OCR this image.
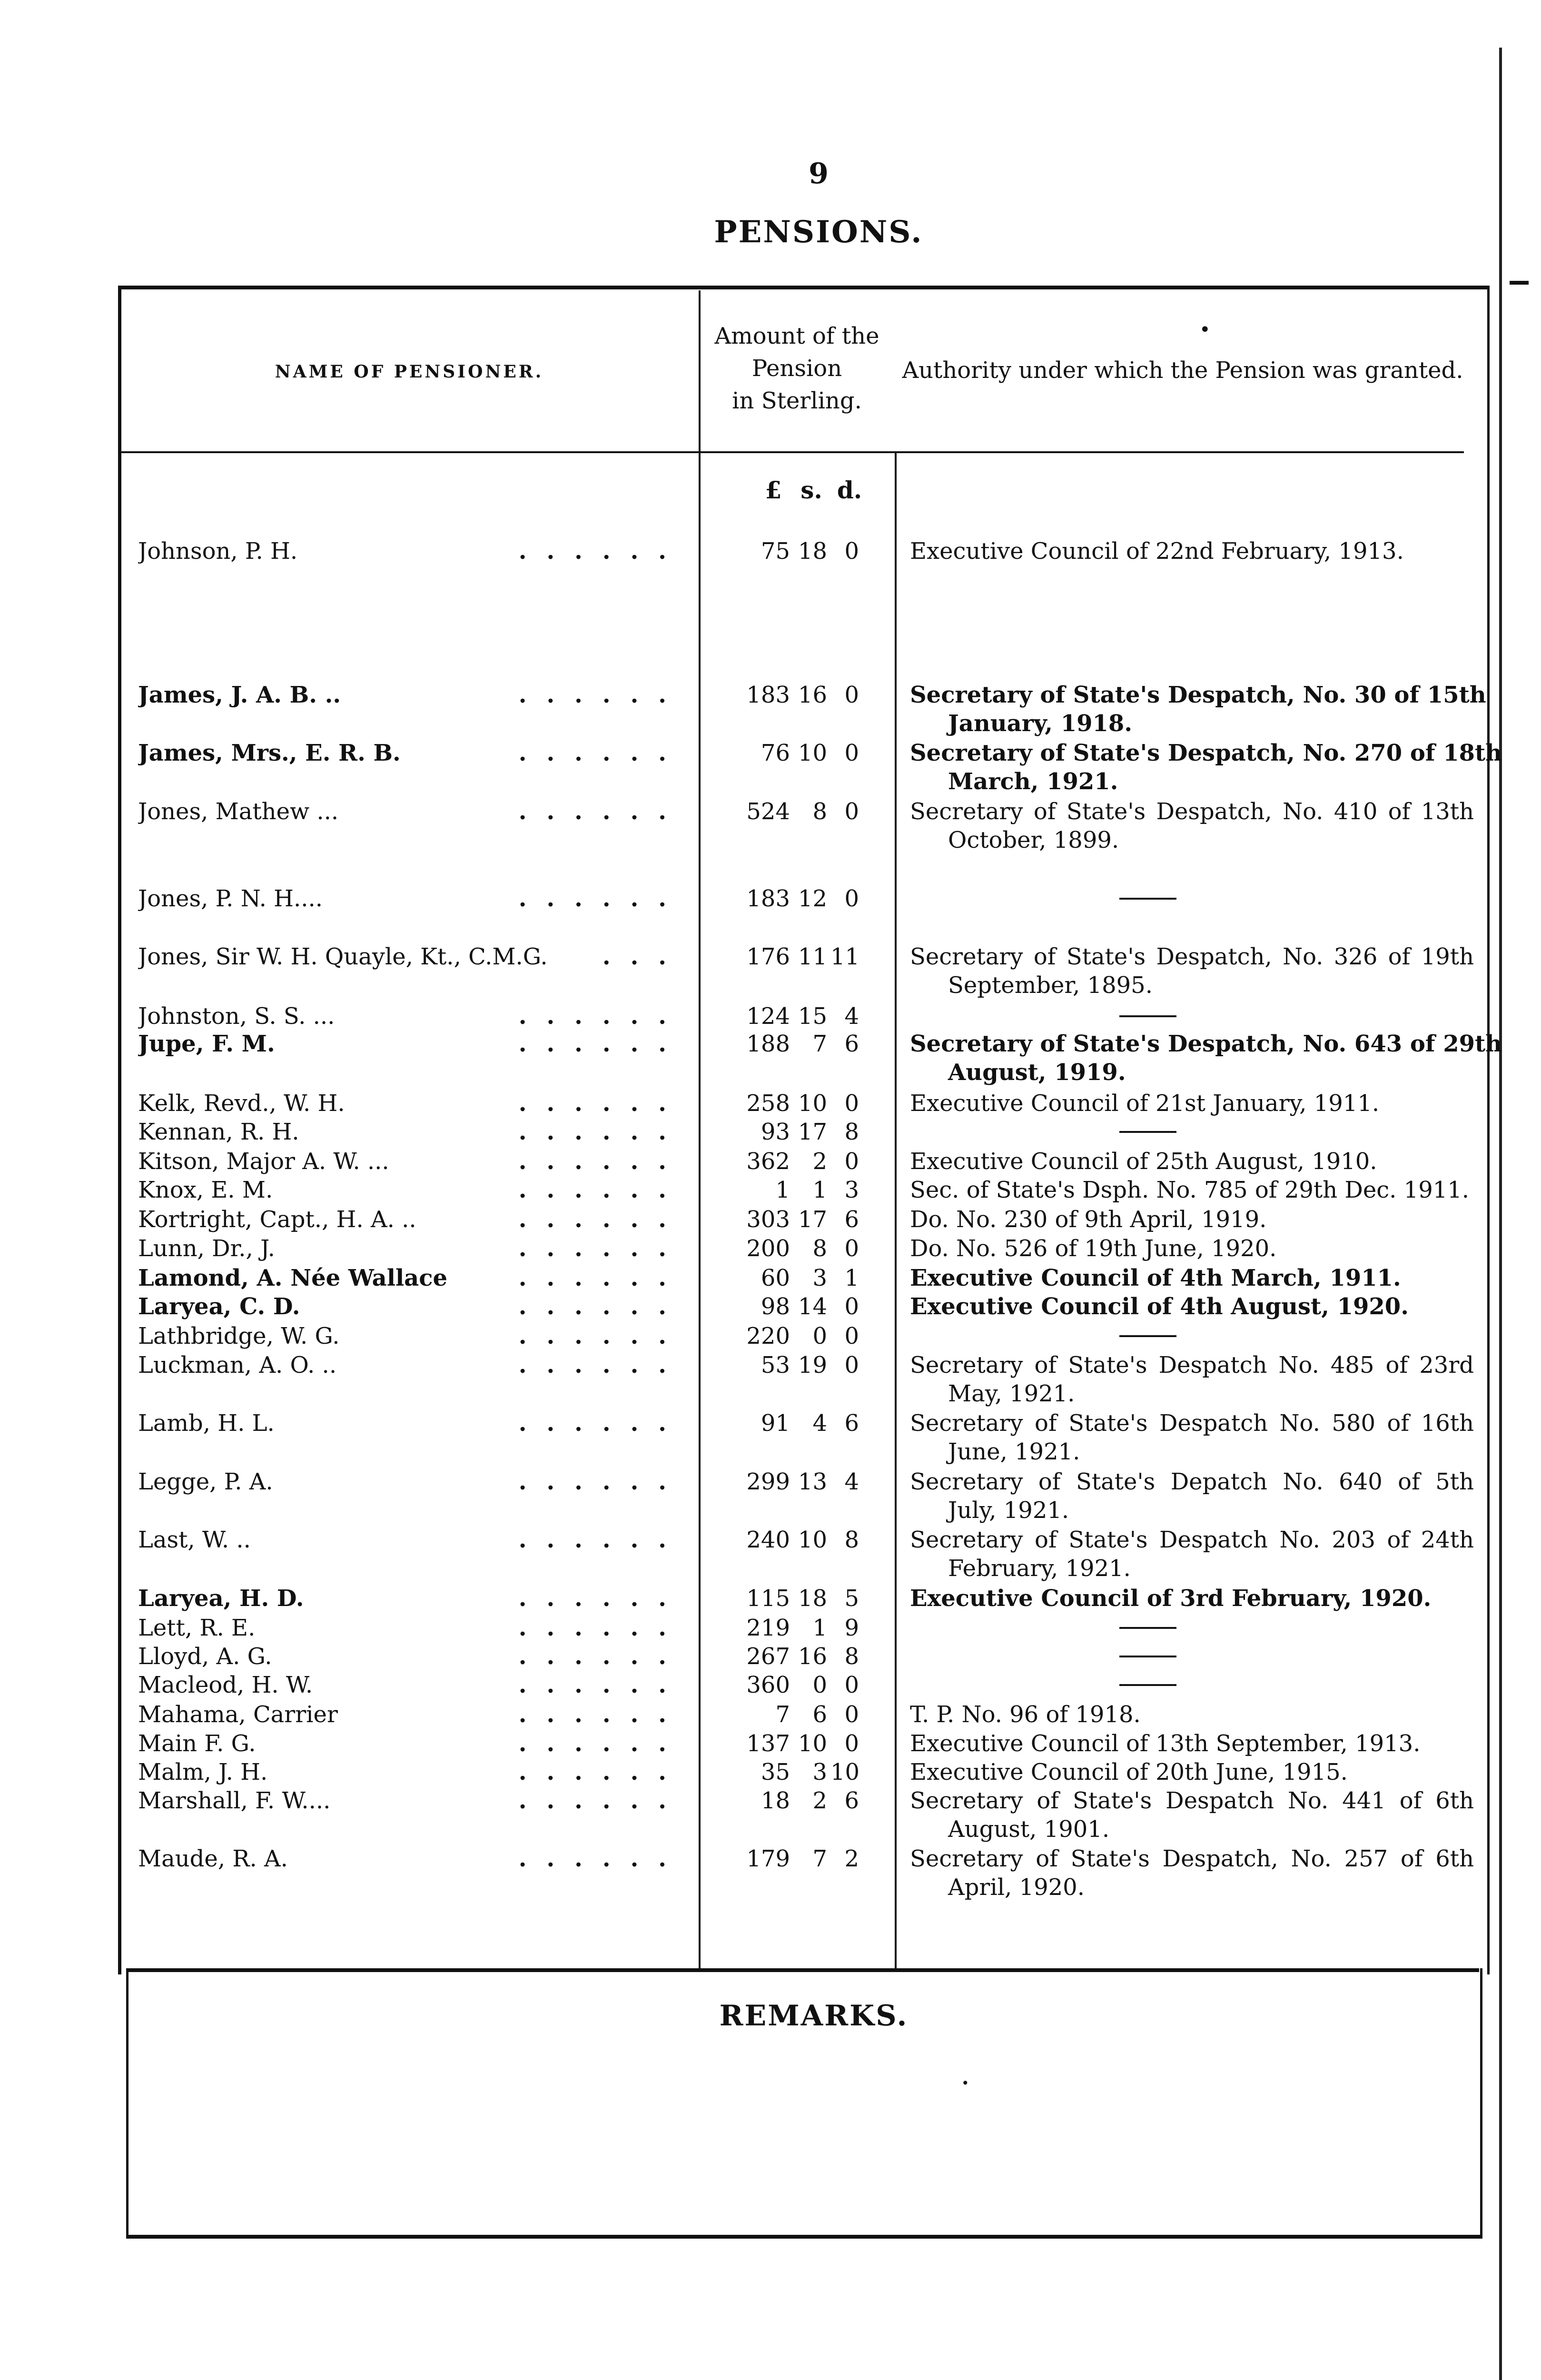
9
PENSIONS.
NAME OF PENSIONER.
Amount of the
Pension
in Sterling.
•
Authority under which the Pension was granted.
£ s. d.
Johnson, P. H.	......	75 18 0 Executive Council of 22nd February, 1913.
James, J. A. B. ..	......	183 16 0 Secretary of State's Despatch, No. 30 of 15th
January, 1918.
James, Mrs., E. R. B.	......	76 10 0 Secretary of State's Despatch, No. 270 of 18th
March, 1921.
Jones, Mathew ...	......	524 8 0 Secretary of State's Despatch, No. 410 of 13th
October, 1899.
Jones, P. N. H....	......	183 12 0
Jones, Sir W. H. Quayle, Kt., C.M.G. ...	176 11 11 Secretary of State's Despatch, No. 326 of 19th
September, 1895.
Johnston, S. S. ...	......	124 15 4
Jupe, F. M.	......	188 7 6 Secretary of State's Despatch, No. 643 of 29th
August, 1919.
Kelk, Revd., W. H.	......	258 10 0 Executive Council of 21st January, 1911.
Kennan, R. H.	......	93 17 8
Kitson, Major A. W. ...	......	362 2 0 Executive Council of 25th August, 1910.
Knox, E. M.	......	1 1 3 Sec. of State's Dsph. No. 785 of 29th Dec. 1911.
Kortright, Capt., H. A. ..	......	303 17 6 Do. No. 230 of 9th April, 1919.
Lunn, Dr., J.	......	200 8 0 Do. No. 526 of 19th June, 1920.
Lamond, A. Née Wallace	......	60 3 1 Executive Council of 4th March, 1911.
Laryea, C. D.	......	98 14 0 Executive Council of 4th August, 1920.
Lathbridge, W. G.	......	220 0 0
Luckman, A. O. ..	......	53 19 0 Secretary of State's Despatch No. 485 of 23rd
May, 1921.
Lamb, H. L.	......	91 4 6 Secretary of State's Despatch No. 580 of 16th
June, 1921.
Legge, P. A.	......	299 13 4 Secretary of State's Depatch No. 640 of 5th
July, 1921.
Last, W. ..	......	240 10 8 Secretary of State's Despatch No. 203 of 24th
February, 1921.
Laryea, H. D.	......	115 18 5 Executive Council of 3rd February, 1920.
Lett, R. E.	......	219 1 9
Lloyd, A. G.	......	267 16 8
Macleod, H. W.	......	360 0 0
Mahama, Carrier	......	7 6 0 T. P. No. 96 of 1918.
Main F. G.	......	137 10 0 Executive Council of 13th September, 1913.
Malm, J. H.	......	35 3 10 Executive Council of 20th June, 1915.
Marshall, F. W....	......	18 2 6 Secretary of State's Despatch No. 441 of 6th
August, 1901.
Maude, R. A.	......	179 7 2 Secretary of State's Despatch, No. 257 of 6th
April, 1920.
REMARKS.
•
